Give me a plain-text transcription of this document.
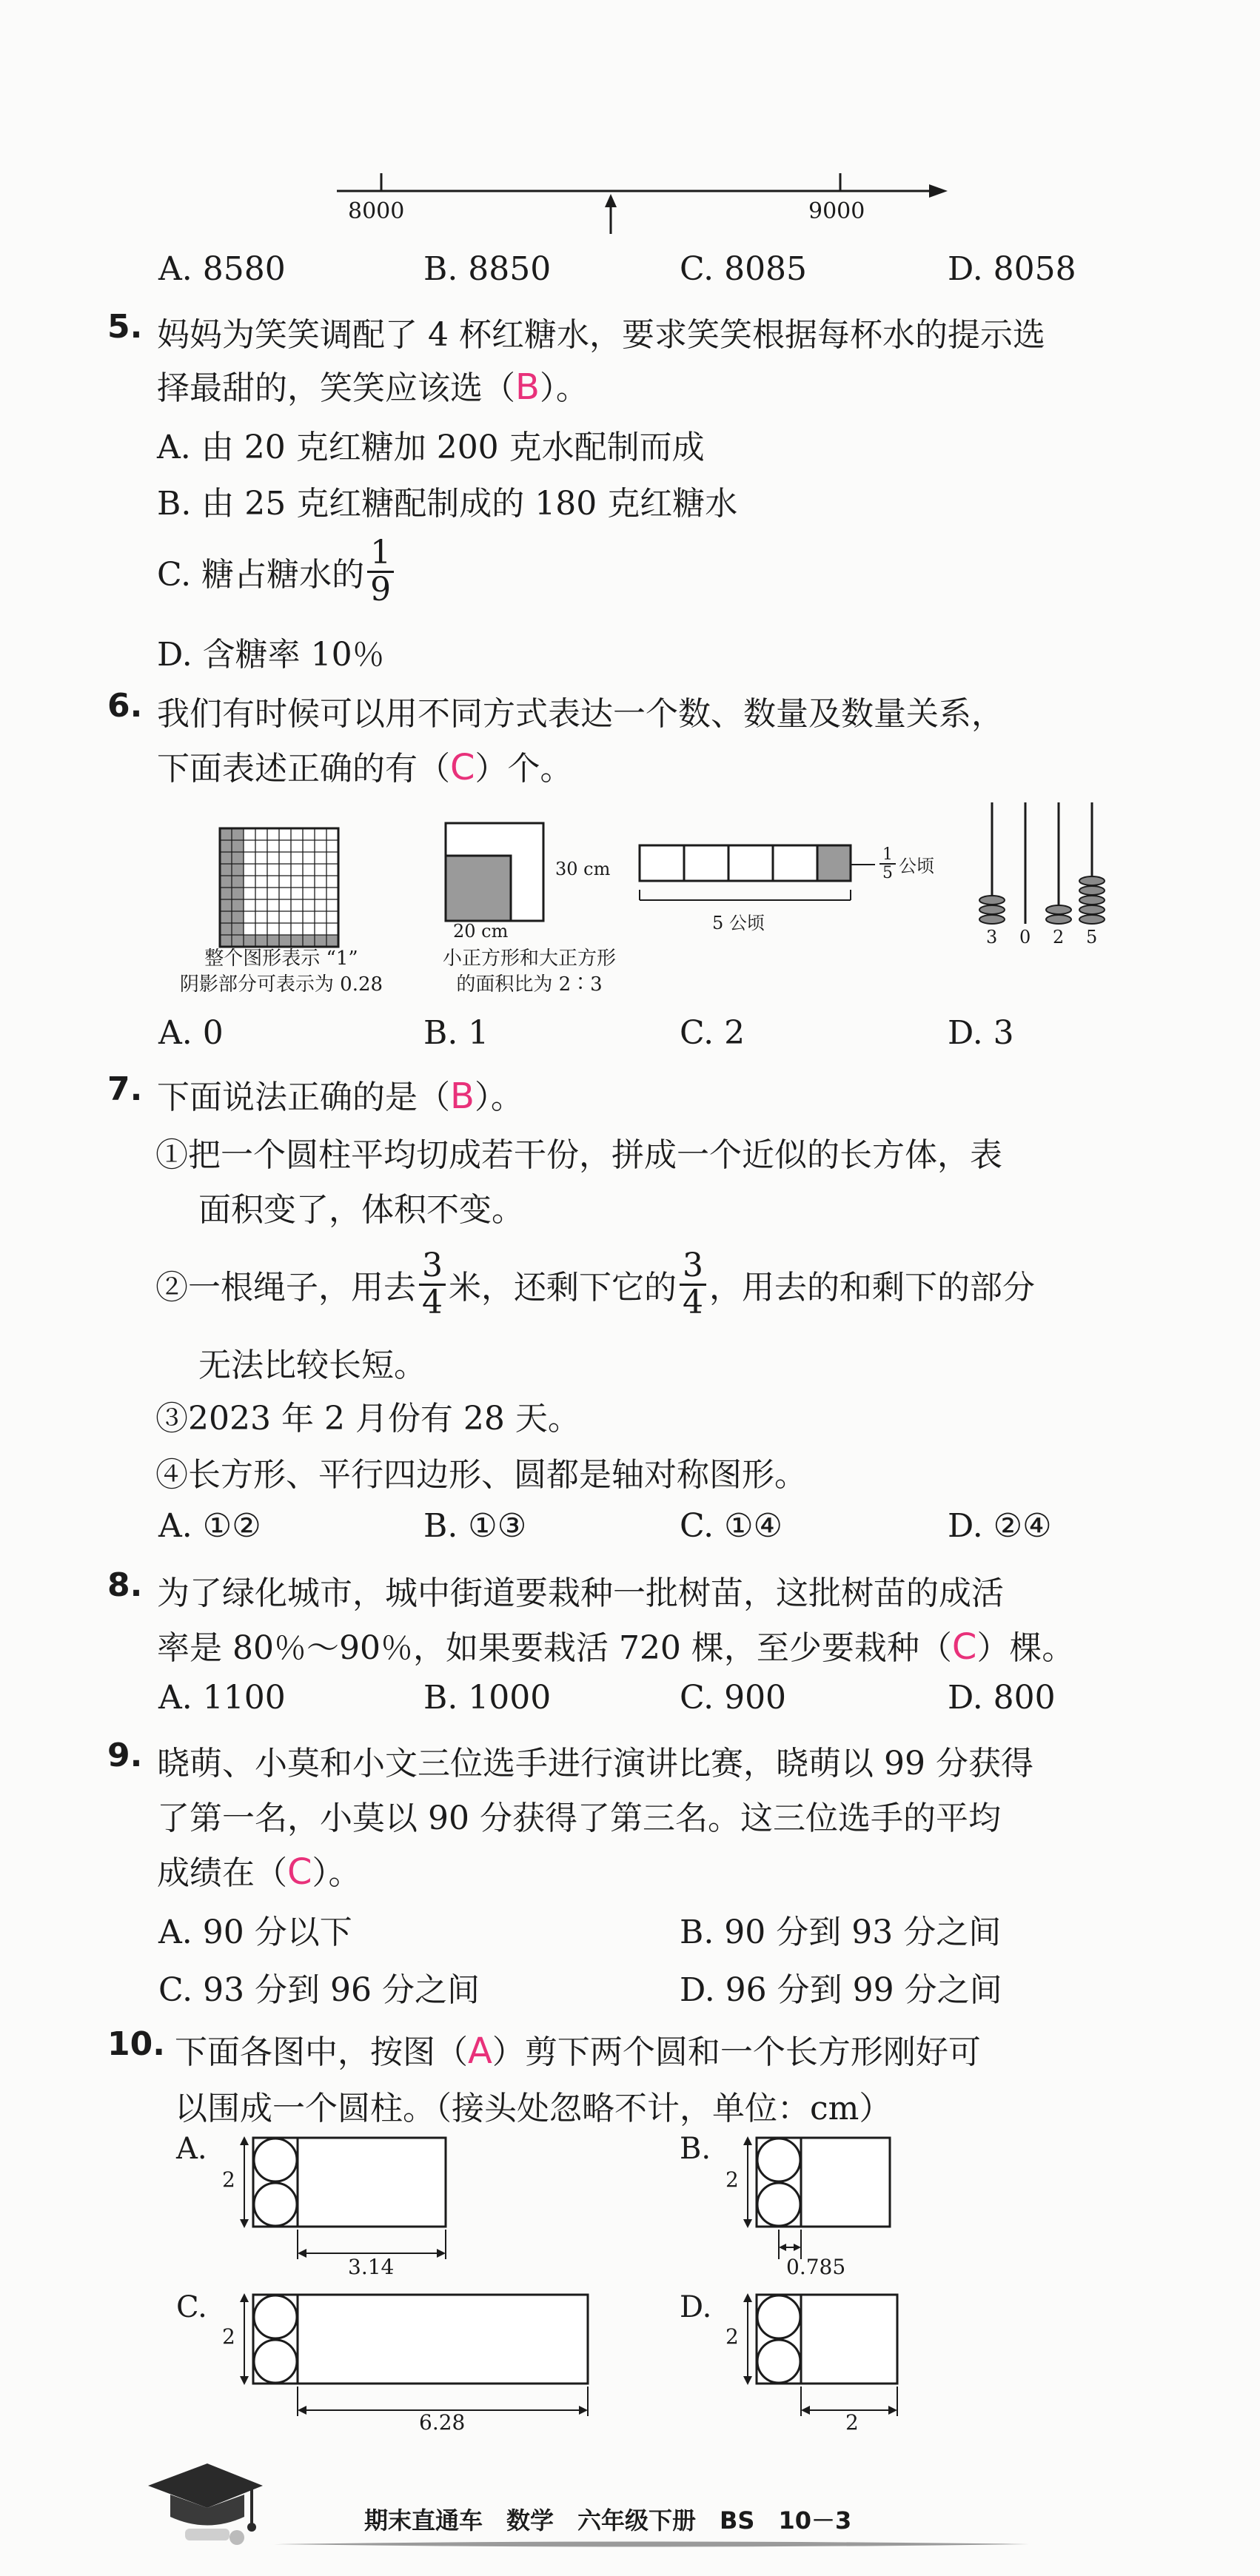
8000	9000
A. 8580	B. 8850	C. 8085	D. 8058
5. 妈妈为笑笑调配了 4 杯红糖水，要求笑笑根据每杯水的提示选
择最甜的，笑笑应该选（B）。
A. 由 20 克红糖加 200 克水配制而成
B. 由 25 克红糖配制成的 180 克红糖水
C. 糖占糖水的 $\frac{1}{9}$
D. 含糖率 10％
6. 我们有时候可以用不同方式表达一个数、数量及数量关系，
下面表述正确的有（C）个。
整个图形表示 “1”
阴影部分可表示为 0.28
30 cm
20 cm
小正方形和大正方形
的面积比为 2∶3
$\frac{1}{5}$ 公顷
5 公顷
3 0 2 5
A. 0	B. 1	C. 2	D. 3
7. 下面说法正确的是（B）。
①把一个圆柱平均切成若干份，拼成一个近似的长方体，表
面积变了，体积不变。
②一根绳子，用去 $\frac{3}{4}$ 米，还剩下它的 $\frac{3}{4}$ ，用去的和剩下的部分
无法比较长短。
③2023 年 2 月份有 28 天。
④长方形、平行四边形、圆都是轴对称图形。
A. ①②	B. ①③	C. ①④	D. ②④
8. 为了绿化城市，城中街道要栽种一批树苗，这批树苗的成活
率是 80％～90％，如果要栽活 720 棵，至少要栽种（C）棵。
A. 1100	B. 1000	C. 900	D. 800
9. 晓萌、小莫和小文三位选手进行演讲比赛，晓萌以 99 分获得
了第一名，小莫以 90 分获得了第三名。这三位选手的平均
成绩在（C）。
A. 90 分以下	B. 90 分到 93 分之间
C. 93 分到 96 分之间	D. 96 分到 99 分之间
10. 下面各图中，按图（A）剪下两个圆和一个长方形刚好可
以围成一个圆柱。（接头处忽略不计，单位：cm）
A.
2
3.14
B.
2
0.785
C.
2
6.28
D.
2
2
期末直通车　数学　六年级下册　BS　10－3
